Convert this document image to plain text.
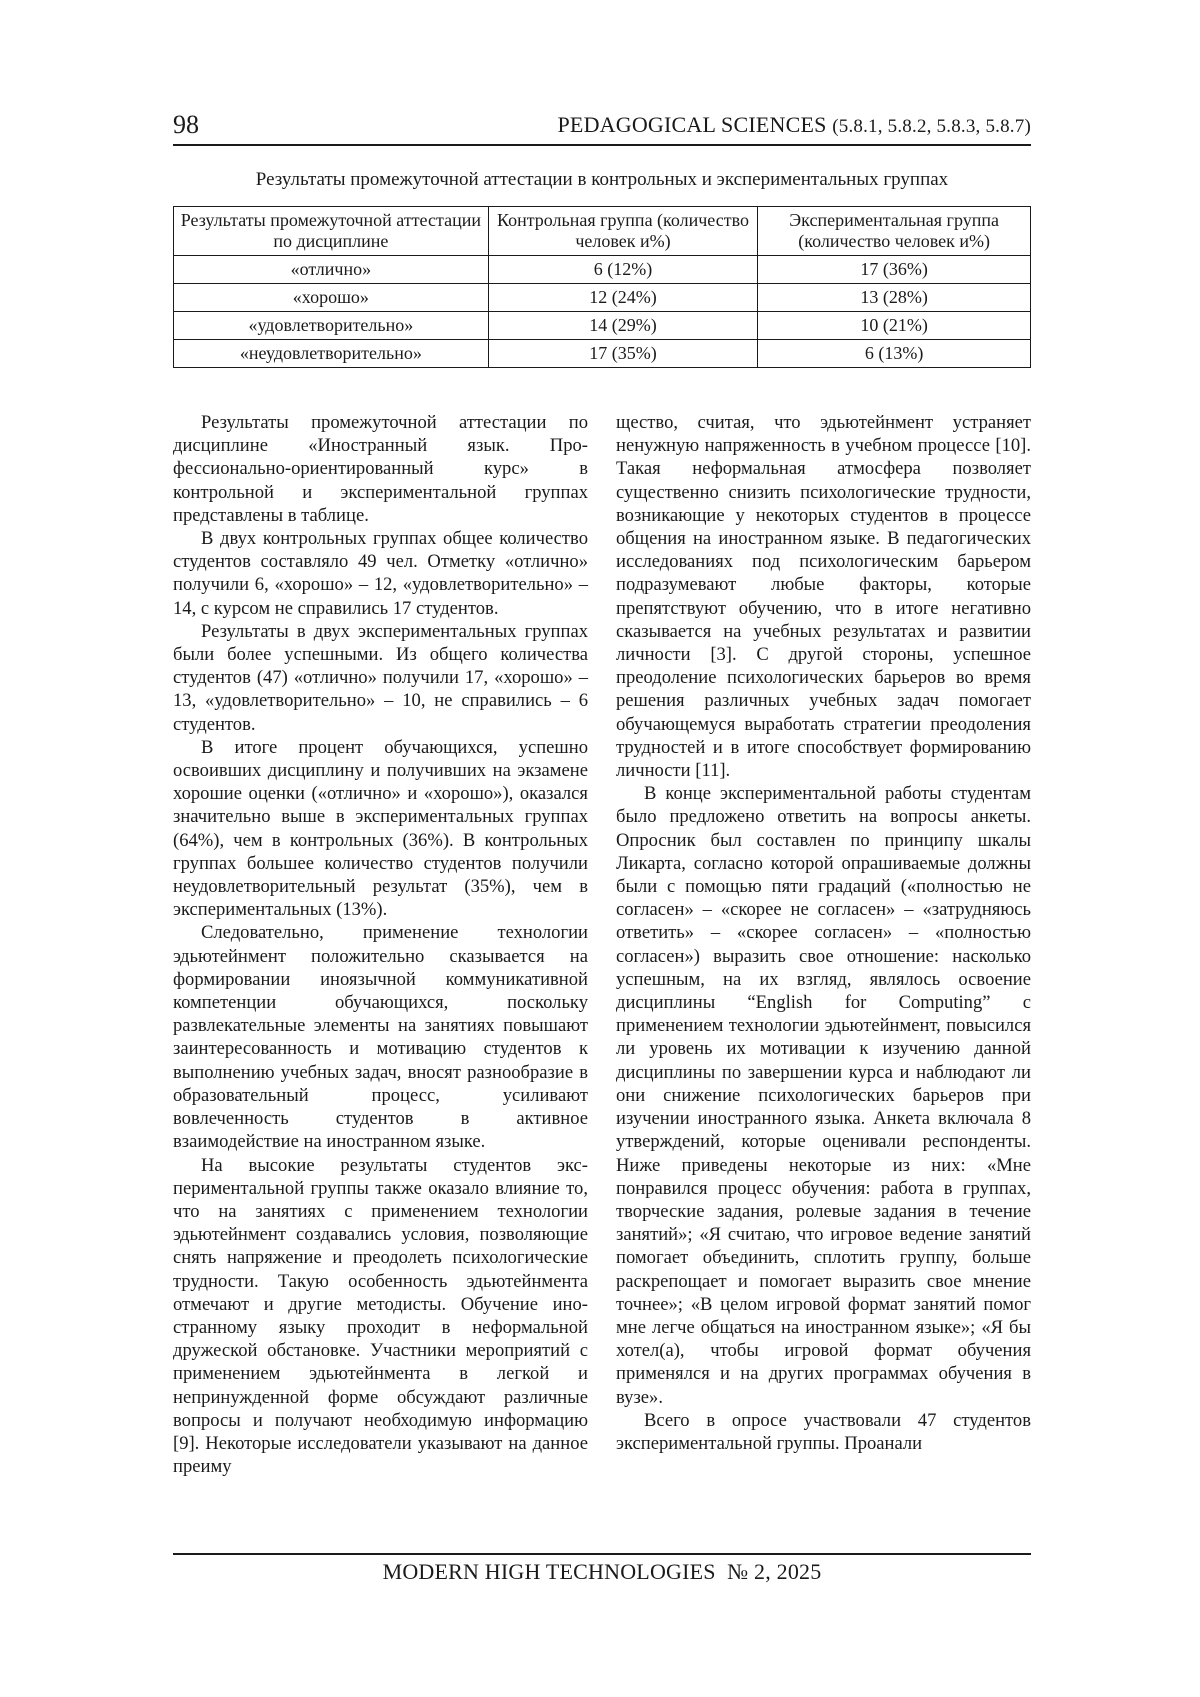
98	PEDAGOGICAL SCIENCES (5.8.1, 5.8.2, 5.8.3, 5.8.7)
Результаты промежуточной аттестации в контрольных и экспериментальных группах
Результаты промежуточной аттестации по дисциплине	Контрольная группа (количество человек и%)	Экспериментальная группа (количество человек и%)
«отлично»	6 (12%)	17 (36%)
«хорошо»	12 (24%)	13 (28%)
«удовлетворительно»	14 (29%)	10 (21%)
«неудовлетворительно»	17 (35%)	6 (13%)

Результаты промежуточной аттестации по дисциплине «Иностранный язык. Профессионально-ориентированный курс» в контрольной и экспериментальной группах представлены в таблице.

В двух контрольных группах общее количество студентов составляло 49 чел. Отметку «отлично» получили 6, «хорошо» – 12, «удовлетворительно» – 14, с курсом не справились 17 студентов.

Результаты в двух экспериментальных группах были более успешными. Из общего количества студентов (47) «отлично» получили 17, «хорошо» – 13, «удовлетворительно» – 10, не справились – 6 студентов.

В итоге процент обучающихся, успешно освоивших дисциплину и получивших на экзамене хорошие оценки («отлично» и «хорошо»), оказался значительно выше в экспериментальных группах (64%), чем в контрольных (36%). В контрольных группах большее количество студентов получили неудовлетворительный результат (35%), чем в экспериментальных (13%).

Следовательно, применение технологии эдьютейнмент положительно сказывается на формировании иноязычной коммуникативной компетенции обучающихся, поскольку развлекательные элементы на занятиях повышают заинтересованность и мотивацию студентов к выполнению учебных задач, вносят разнообразие в образовательный процесс, усиливают вовлеченность студентов в активное взаимодействие на иностранном языке.

На высокие результаты студентов экспериментальной группы также оказало влияние то, что на занятиях с применением технологии эдьютейнмент создавались условия, позволяющие снять напряжение и преодолеть психологические трудности. Такую особенность эдьютейнмента отмечают и другие методисты. Обучение иностранному языку проходит в неформальной дружеской обстановке. Участники мероприятий с применением эдьютейнмента в легкой и непринужденной форме обсуждают различные вопросы и получают необходимую информацию [9]. Некоторые исследователи указывают на данное преиму

щество, считая, что эдьютейнмент устраняет ненужную напряженность в учебном процессе [10]. Такая неформальная атмосфера позволяет существенно снизить психологические трудности, возникающие у некоторых студентов в процессе общения на иностранном языке. В педагогических исследованиях под психологическим барьером подразумевают любые факторы, которые препятствуют обучению, что в итоге негативно сказывается на учебных результатах и развитии личности [3]. С другой стороны, успешное преодоление психологических барьеров во время решения различных учебных задач помогает обучающемуся выработать стратегии преодоления трудностей и в итоге способствует формированию личности [11].

В конце экспериментальной работы студентам было предложено ответить на вопросы анкеты. Опросник был составлен по принципу шкалы Ликарта, согласно которой опрашиваемые должны были с помощью пяти градаций («полностью не согласен» – «скорее не согласен» – «затрудняюсь ответить» – «скорее согласен» – «полностью согласен») выразить свое отношение: насколько успешным, на их взгляд, являлось освоение дисциплины “English for Computing” с применением технологии эдьютейнмент, повысился ли уровень их мотивации к изучению данной дисциплины по завершении курса и наблюдают ли они снижение психологических барьеров при изучении иностранного языка. Анкета включала 8 утверждений, которые оценивали респонденты. Ниже приведены некоторые из них: «Мне понравился процесс обучения: работа в группах, творческие задания, ролевые задания в течение занятий»; «Я считаю, что игровое ведение занятий помогает объединить, сплотить группу, больше раскрепощает и помогает выразить свое мнение точнее»; «В целом игровой формат занятий помог мне легче общаться на иностранном языке»; «Я бы хотел(а), чтобы игровой формат обучения применялся и на других программах обучения в вузе».

Всего в опросе участвовали 47 студентов экспериментальной группы. Проанали

MODERN HIGH TECHNOLOGIES № 2, 2025
